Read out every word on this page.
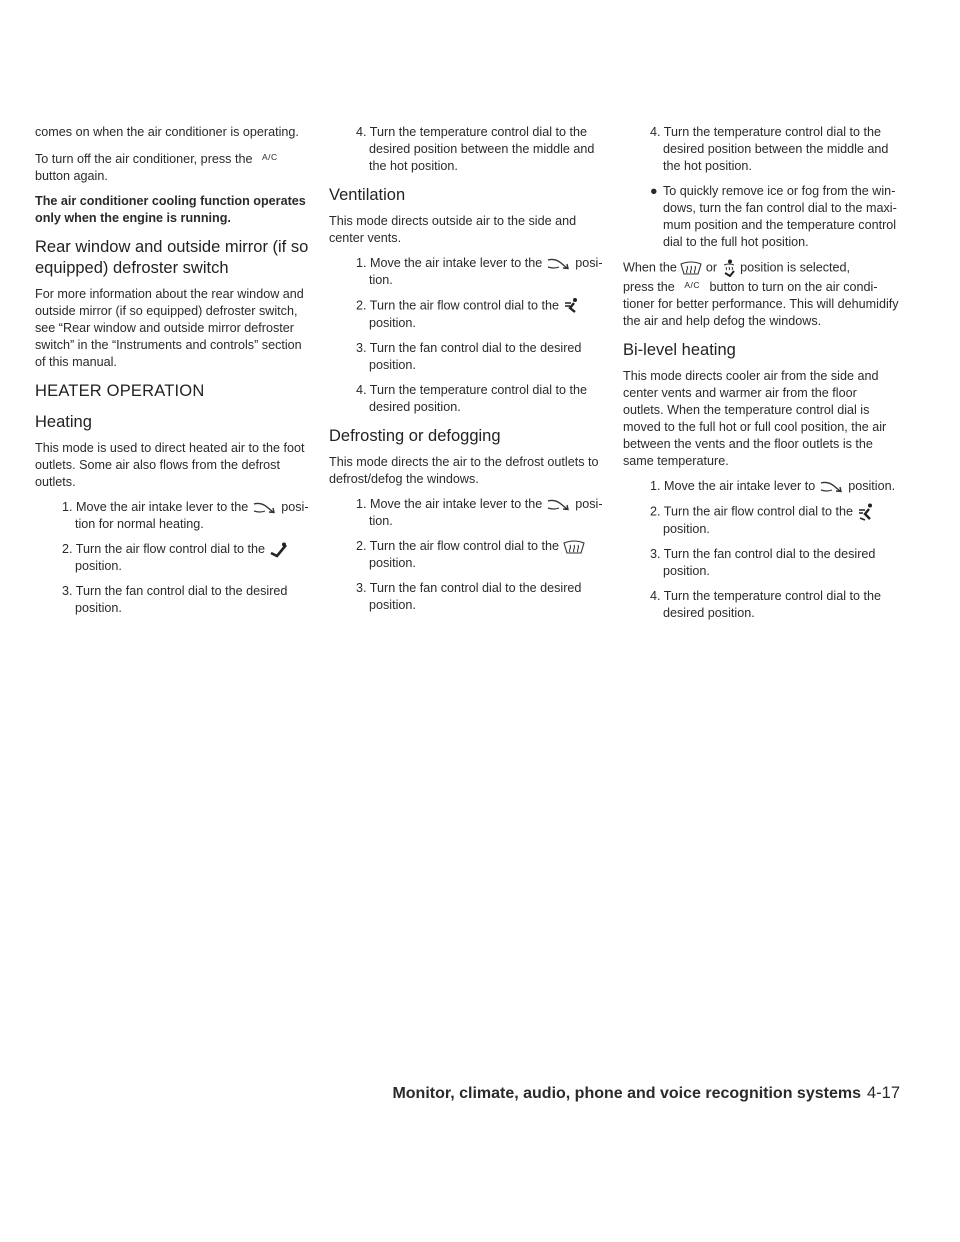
comes on when the air conditioner is operating.

To turn off the air conditioner, press the A/C
button again.

The air conditioner cooling function operates only when the engine is running.

Rear window and outside mirror (if so equipped) defroster switch

For more information about the rear window and outside mirror (if so equipped) defroster switch, see “Rear window and outside mirror defroster switch” in the “Instruments and controls” section of this manual.

HEATER OPERATION
Heating

This mode is used to direct heated air to the foot outlets. Some air also flows from the defrost outlets.

1. Move the air intake lever to the	position for normal heating.

2. Turn the air flow control dial to the

position.

3. Turn the fan control dial to the desired position.

4. Turn the temperature control dial to the desired position between the middle and the hot position.

Ventilation

This mode directs outside air to the side and center vents.

1. Move the air intake lever to the	position.

2. Turn the air flow control dial to the

position.

3. Turn the fan control dial to the desired position.

4. Turn the temperature control dial to the desired position.

Defrosting or defogging

This mode directs the air to the defrost outlets to defrost/defog the windows.

1. Move the air intake lever to the	position.

2. Turn the air flow control dial to the

position.

3. Turn the fan control dial to the desired position.

4. Turn the temperature control dial to the desired position between the middle and the hot position.

● To quickly remove ice or fog from the windows, turn the fan control dial to the maximum position and the temperature control dial to the full hot position.

When the or position is selected,
press the A/C button to turn on the air conditioner for better performance. This will dehumidify the air and help defog the windows.

Bi-level heating

This mode directs cooler air from the side and center vents and warmer air from the floor outlets. When the temperature control dial is moved to the full hot or full cool position, the air between the vents and the floor outlets is the same temperature.

1. Move the air intake lever to	position.

2. Turn the air flow control dial to the

position.

3. Turn the fan control dial to the desired position.

4. Turn the temperature control dial to the desired position.

Monitor, climate, audio, phone and voice recognition systems 4-17
